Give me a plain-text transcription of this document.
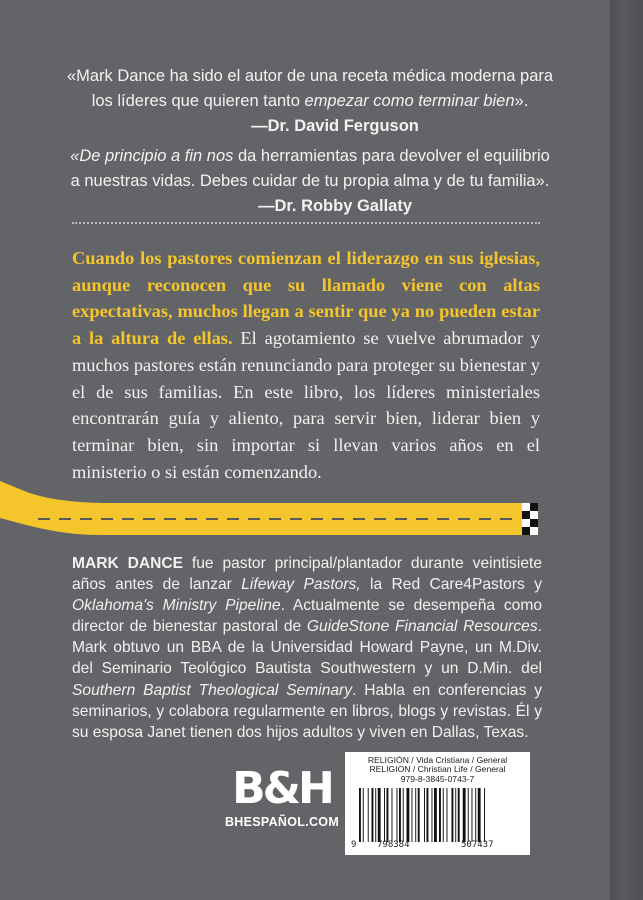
«Mark Dance ha sido el autor de una receta médica moderna para
los líderes que quieren tanto empezar como terminar bien».
—Dr. David Ferguson
«De principio a fin nos da herramientas para devolver el equilibrio
a nuestras vidas. Debes cuidar de tu propia alma y de tu familia».
—Dr. Robby Gallaty
Cuando los pastores comienzan el liderazgo en sus iglesias, aunque reconocen que su llamado viene con altas expectativas, muchos llegan a sentir que ya no pueden estar a la altura de ellas. El agotamiento se vuelve abrumador y muchos pastores están renunciando para proteger su bienestar y el de sus familias. En este libro, los líderes ministeriales encontrarán guía y aliento, para servir bien, liderar bien y terminar bien, sin importar si llevan varios años en el ministerio o si están comenzando.
MARK DANCE fue pastor principal/plantador durante veintisiete años antes de lanzar Lifeway Pastors, la Red Care4Pastors y Oklahoma's Ministry Pipeline. Actualmente se desempeña como director de bienestar pastoral de GuideStone Financial Resources. Mark obtuvo un BBA de la Universidad Howard Payne, un M.Div. del Seminario Teológico Bautista Southwestern y un D.Min. del Southern Baptist Theological Seminary. Habla en conferencias y seminarios, y colabora regularmente en libros, blogs y revistas. Él y su esposa Janet tienen dos hijos adultos y viven en Dallas, Texas.
B&H
BHESPAÑOL.COM
RELIGIÓN / Vida Cristiana / General
RELIGION / Christian Life / General
979-8-3845-0743-7
9 798384	507437
